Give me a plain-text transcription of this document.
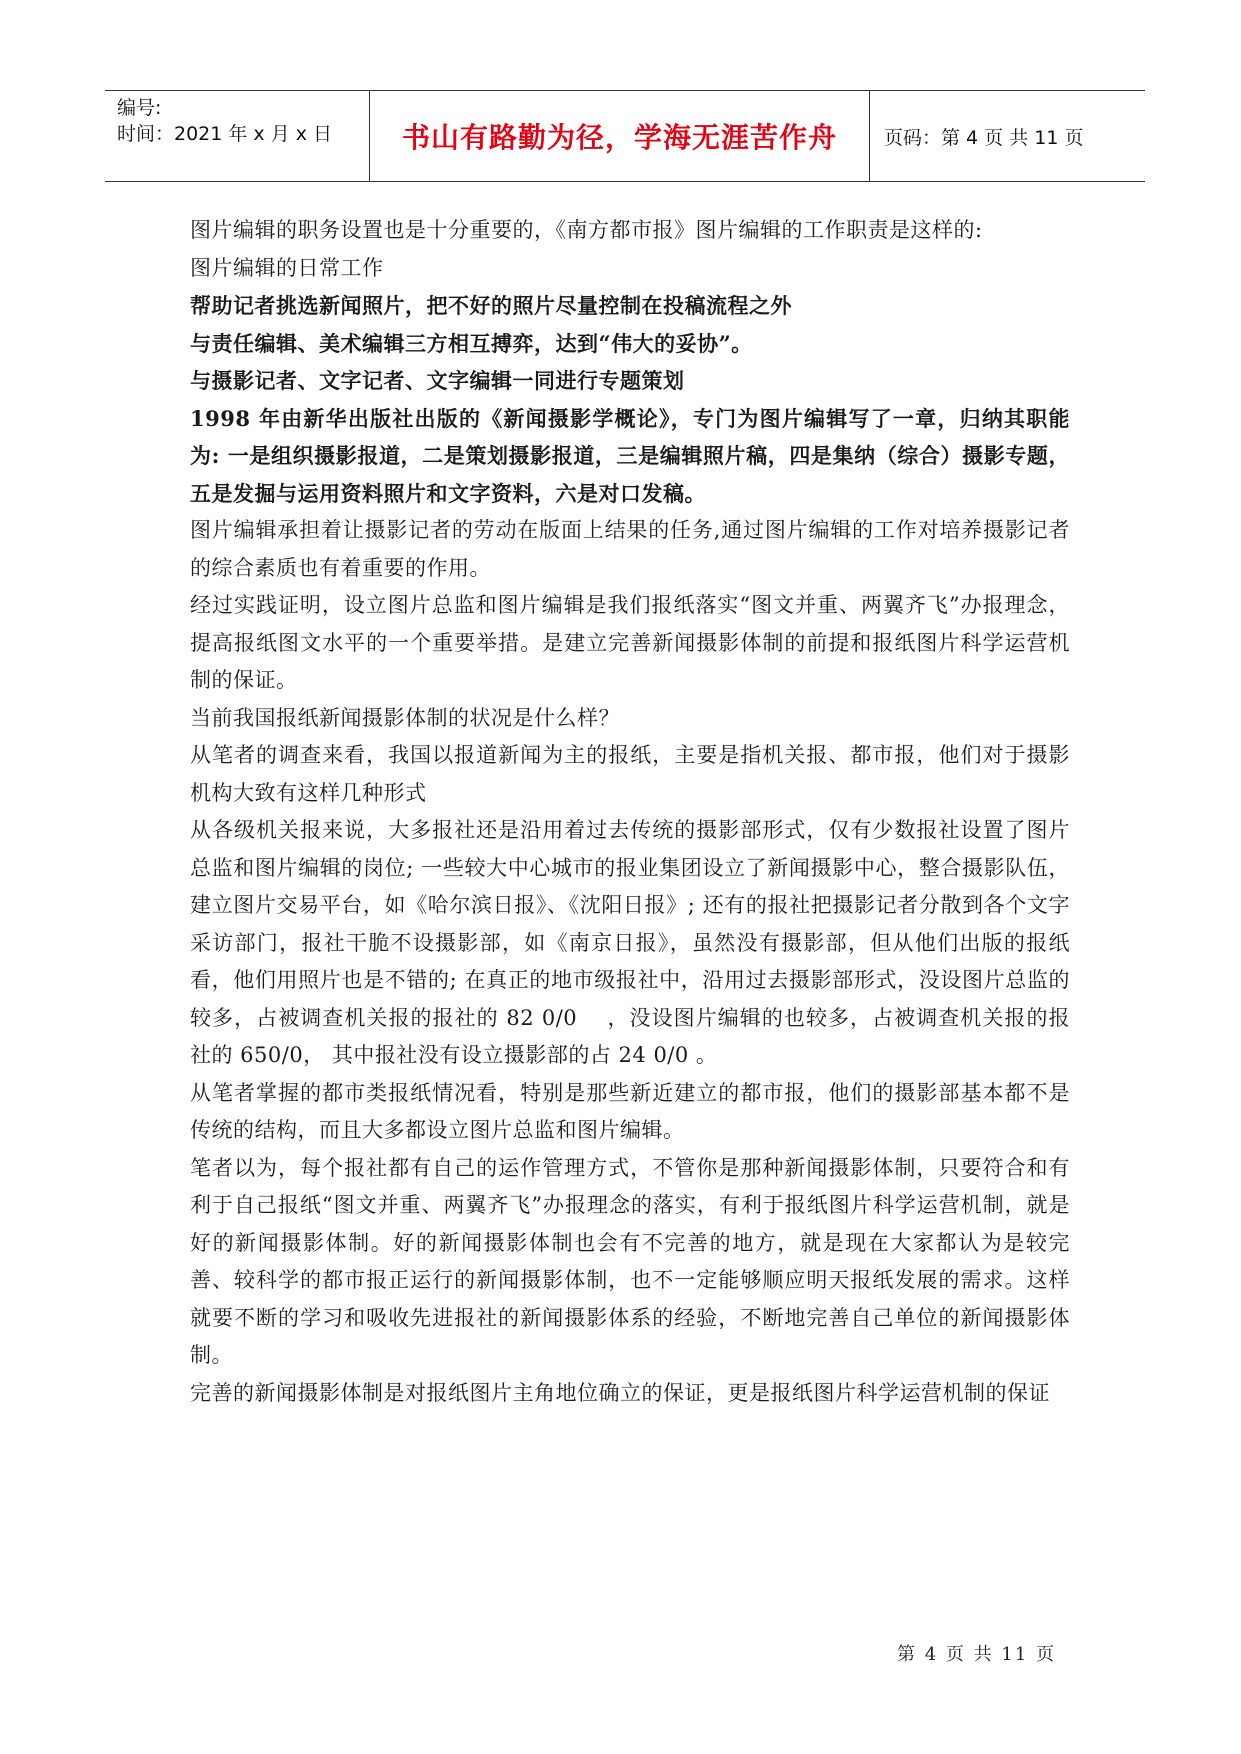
编号:
时间：2021 年 x 月 x 日	书山有路勤为径，学海无涯苦作舟	页码：第 4 页 共 11 页

图片编辑的职务设置也是十分重要的，《南方都市报》图片编辑的工作职责是这样的:

图片编辑的日常工作

帮助记者挑选新闻照片，把不好的照片尽量控制在投稿流程之外

与责任编辑、美术编辑三方相互搏弈，达到“伟大的妥协”。

与摄影记者、文字记者、文字编辑一同进行专题策划

1998 年由新华出版社出版的《新闻摄影学概论》，专门为图片编辑写了一章，归纳其职能为: 一是组织摄影报道，二是策划摄影报道，三是编辑照片稿，四是集纳（综合）摄影专题，五是发掘与运用资料照片和文字资料，六是对口发稿。

图片编辑承担着让摄影记者的劳动在版面上结果的任务,通过图片编辑的工作对培养摄影记者的综合素质也有着重要的作用。

经过实践证明，设立图片总监和图片编辑是我们报纸落实“图文并重、两翼齐飞”办报理念，提高报纸图文水平的一个重要举措。是建立完善新闻摄影体制的前提和报纸图片科学运营机制的保证。

当前我国报纸新闻摄影体制的状况是什么样？

从笔者的调查来看，我国以报道新闻为主的报纸，主要是指机关报、都市报，他们对于摄影机构大致有这样几种形式

从各级机关报来说，大多报社还是沿用着过去传统的摄影部形式，仅有少数报社设置了图片总监和图片编辑的岗位; 一些较大中心城市的报业集团设立了新闻摄影中心，整合摄影队伍，建立图片交易平台，如《哈尔滨日报》、《沈阳日报》; 还有的报社把摄影记者分散到各个文字采访部门，报社干脆不设摄影部，如《南京日报》，虽然没有摄影部，但从他们出版的报纸看，他们用照片也是不错的; 在真正的地市级报社中，沿用过去摄影部形式，没设图片总监的较多，占被调查机关报的报社的 82 0/0　 ，没设图片编辑的也较多，占被调查机关报的报社的 650/0， 其中报社没有设立摄影部的占 24 0/0 。

从笔者掌握的都市类报纸情况看，特别是那些新近建立的都市报，他们的摄影部基本都不是传统的结构，而且大多都设立图片总监和图片编辑。

笔者以为，每个报社都有自己的运作管理方式，不管你是那种新闻摄影体制，只要符合和有利于自己报纸“图文并重、两翼齐飞”办报理念的落实，有利于报纸图片科学运营机制，就是好的新闻摄影体制。好的新闻摄影体制也会有不完善的地方，就是现在大家都认为是较完善、较科学的都市报正运行的新闻摄影体制，也不一定能够顺应明天报纸发展的需求。这样就要不断的学习和吸收先进报社的新闻摄影体系的经验，不断地完善自己单位的新闻摄影体制。

完善的新闻摄影体制是对报纸图片主角地位确立的保证，更是报纸图片科学运营机制的保证

第 4 页 共 11 页
